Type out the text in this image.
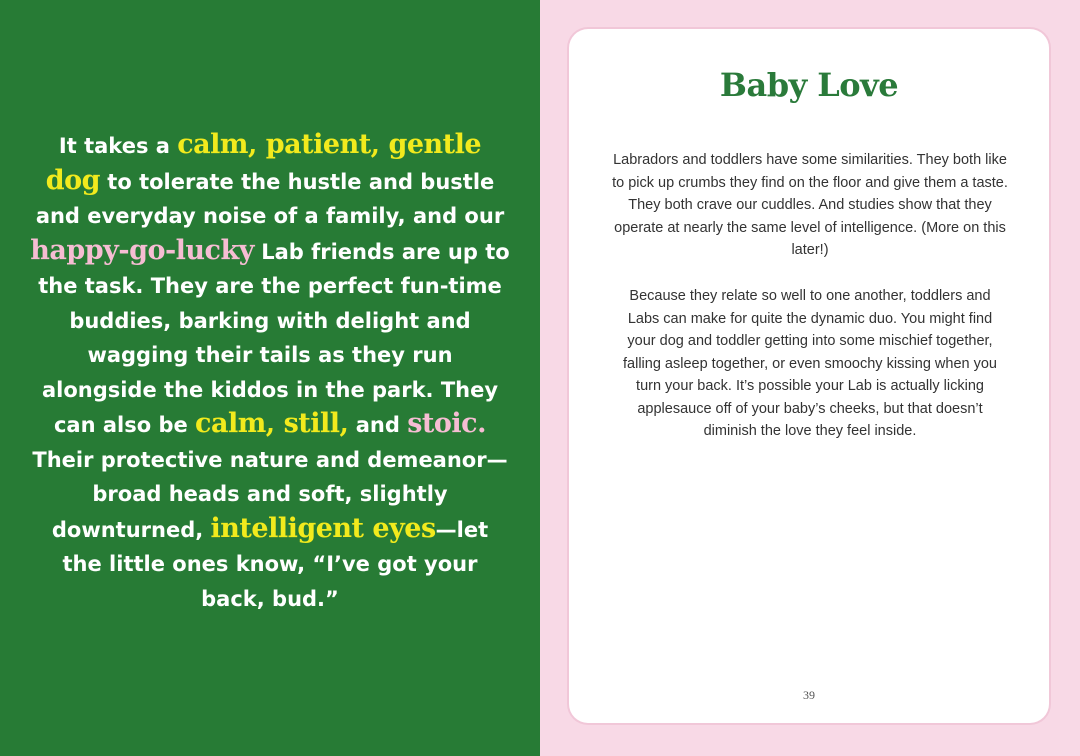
It takes a calm, patient, gentle dog to tolerate the hustle and bustle and everyday noise of a family, and our happy-go-lucky Lab friends are up to the task. They are the perfect fun-time buddies, barking with delight and wagging their tails as they run alongside the kiddos in the park. They can also be calm, still, and stoic. Their protective nature and demeanor—broad heads and soft, slightly downturned, intelligent eyes—let the little ones know, “I’ve got your back, bud.”
Baby Love

Labradors and toddlers have some similarities. They both like to pick up crumbs they find on the floor and give them a taste. They both crave our cuddles. And studies show that they operate at nearly the same level of intelligence. (More on this later!)

Because they relate so well to one another, toddlers and Labs can make for quite the dynamic duo. You might find your dog and toddler getting into some mischief together, falling asleep together, or even smoochy kissing when you turn your back. It’s possible your Lab is actually licking applesauce off of your baby’s cheeks, but that doesn’t diminish the love they feel inside.

39
